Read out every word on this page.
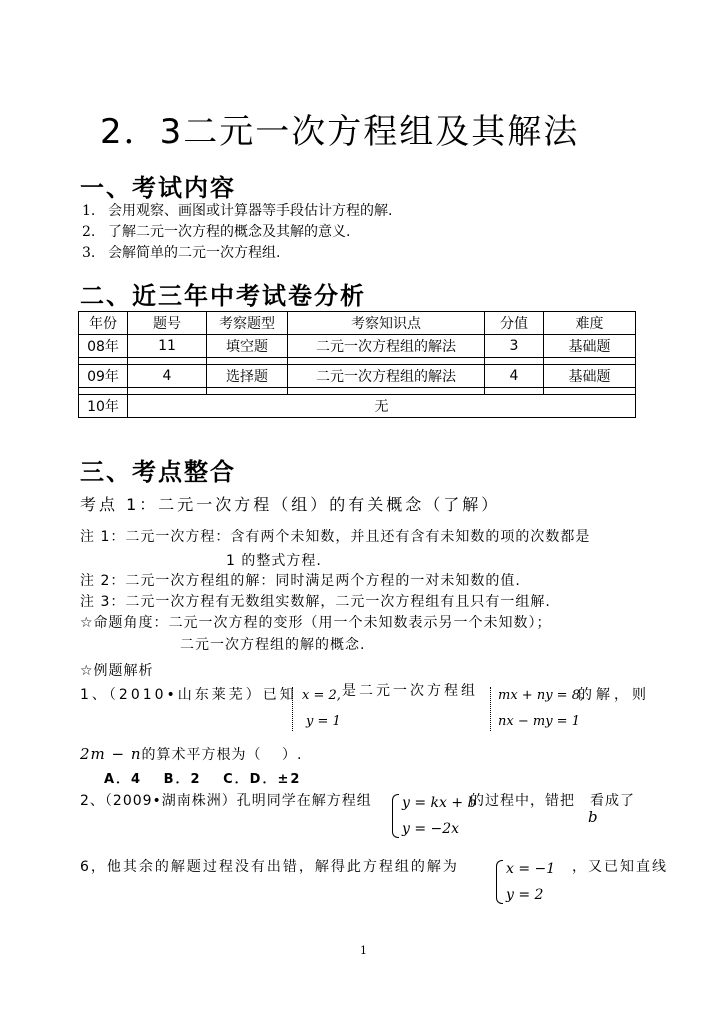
2．3二元一次方程组及其解法
一、考试内容
1. 会用观察、画图或计算器等手段估计方程的解.
2. 了解二元一次方程的概念及其解的意义.
3. 会解简单的二元一次方程组.
二、近三年中考试卷分析
年份	题号	考察题型	考察知识点	分值	难度
08年	11	填空题	二元一次方程组的解法	3	基础题

09年	4	选择题	二元一次方程组的解法	4	基础题

10年	无				
三、考点整合
考点 1：二元一次方程（组）的有关概念（了解）
注 1：二元一次方程：含有两个未知数，并且还有含有未知数的项的次数都是
1 的整式方程.
注 2：二元一次方程组的解：同时满足两个方程的一对未知数的值.
注 3：二元一次方程有无数组实数解，二元一次方程组有且只有一组解.
☆命题角度：二元一次方程的变形（用一个未知数表示另一个未知数）；
二元一次方程组的解的概念.
☆例题解析
1、（2010•山东莱芜）已知 x = 2,
y = 1
是二元一次方程组	mx + ny = 8,
nx − my = 1
的解，则
2m − n的算术平方根为（　 ）.
A．4　 B．2　 C．D．±2
2、（2009•湖南株洲）孔明同学在解方程组	y = kx + b
y = −2x
的过程中，错把　看成了
b
6，他其余的解题过程没有出错，解得此方程组的解为	x = −1
y = 2
，又已知直线
1
